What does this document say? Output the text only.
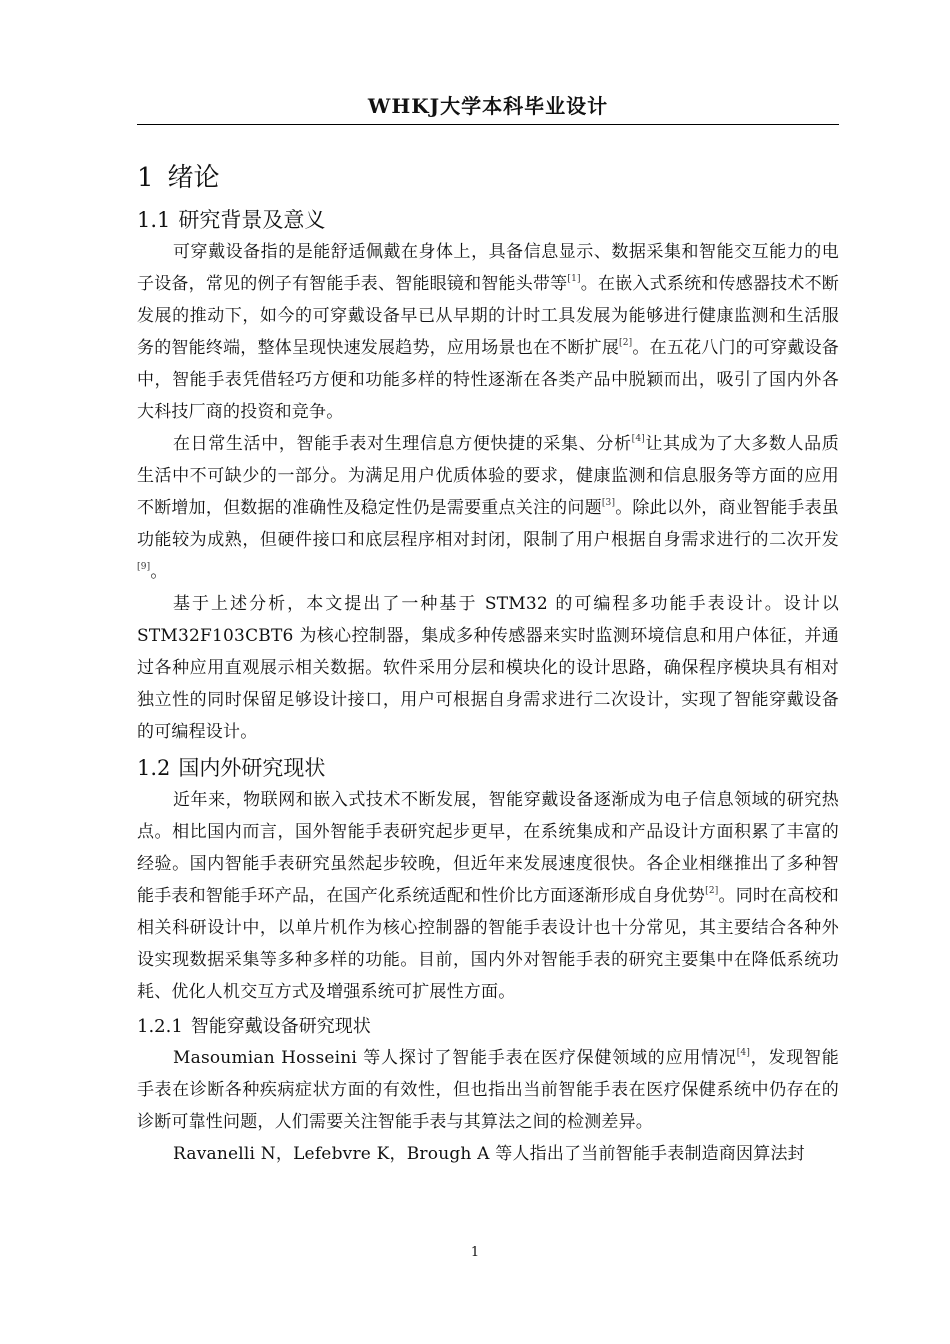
WHKJ大学本科毕业设计
1 绪论
1.1 研究背景及意义

可穿戴设备指的是能舒适佩戴在身体上，具备信息显示、数据采集和智能交互能力的电子设备，常见的例子有智能手表、智能眼镜和智能头带等[1]。在嵌入式系统和传感器技术不断发展的推动下，如今的可穿戴设备早已从早期的计时工具发展为能够进行健康监测和生活服务的智能终端，整体呈现快速发展趋势，应用场景也在不断扩展[2]。在五花八门的可穿戴设备中，智能手表凭借轻巧方便和功能多样的特性逐渐在各类产品中脱颖而出，吸引了国内外各大科技厂商的投资和竞争。

在日常生活中，智能手表对生理信息方便快捷的采集、分析[4]让其成为了大多数人品质生活中不可缺少的一部分。为满足用户优质体验的要求，健康监测和信息服务等方面的应用不断增加，但数据的准确性及稳定性仍是需要重点关注的问题[3]。除此以外，商业智能手表虽功能较为成熟，但硬件接口和底层程序相对封闭，限制了用户根据自身需求进行的二次开发[9]。

基于上述分析，本文提出了一种基于 STM32 的可编程多功能手表设计。设计以 STM32F103CBT6 为核心控制器，集成多种传感器来实时监测环境信息和用户体征，并通过各种应用直观展示相关数据。软件采用分层和模块化的设计思路，确保程序模块具有相对独立性的同时保留足够设计接口，用户可根据自身需求进行二次设计，实现了智能穿戴设备的可编程设计。

1.2 国内外研究现状

近年来，物联网和嵌入式技术不断发展，智能穿戴设备逐渐成为电子信息领域的研究热点。相比国内而言，国外智能手表研究起步更早，在系统集成和产品设计方面积累了丰富的经验。国内智能手表研究虽然起步较晚，但近年来发展速度很快。各企业相继推出了多种智能手表和智能手环产品，在国产化系统适配和性价比方面逐渐形成自身优势[2]。同时在高校和相关科研设计中，以单片机作为核心控制器的智能手表设计也十分常见，其主要结合各种外设实现数据采集等多种多样的功能。目前，国内外对智能手表的研究主要集中在降低系统功耗、优化人机交互方式及增强系统可扩展性方面。

1.2.1 智能穿戴设备研究现状

Masoumian Hosseini 等人探讨了智能手表在医疗保健领域的应用情况[4]，发现智能手表在诊断各种疾病症状方面的有效性，但也指出当前智能手表在医疗保健系统中仍存在的诊断可靠性问题，人们需要关注智能手表与其算法之间的检测差异。

Ravanelli N，Lefebvre K，Brough A 等人指出了当前智能手表制造商因算法封

1
